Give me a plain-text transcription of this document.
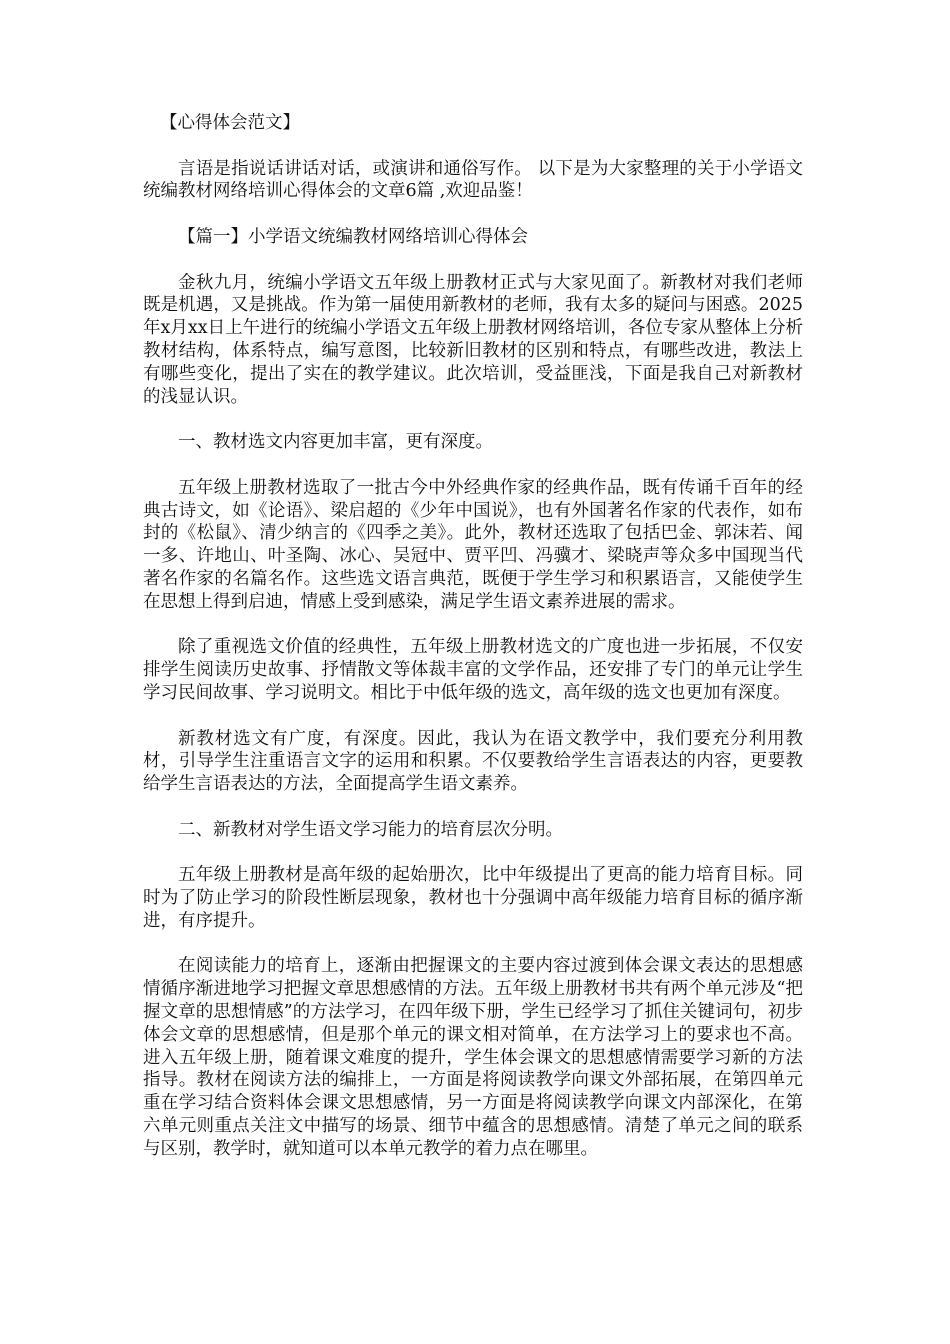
【心得体会范文】

言语是指说话讲话对话，或演讲和通俗写作。 以下是为大家整理的关于小学语文统编教材网络培训心得体会的文章6篇 ,欢迎品鉴！

【篇一】小学语文统编教材网络培训心得体会

金秋九月，统编小学语文五年级上册教材正式与大家见面了。新教材对我们老师既是机遇，又是挑战。作为第一届使用新教材的老师，我有太多的疑问与困惑。2025年x月xx日上午进行的统编小学语文五年级上册教材网络培训，各位专家从整体上分析教材结构，体系特点，编写意图，比较新旧教材的区别和特点，有哪些改进，教法上有哪些变化，提出了实在的教学建议。此次培训，受益匪浅，下面是我自己对新教材的浅显认识。

一、教材选文内容更加丰富，更有深度。

五年级上册教材选取了一批古今中外经典作家的经典作品，既有传诵千百年的经典古诗文，如《论语》、梁启超的《少年中国说》，也有外国著名作家的代表作，如布封的《松鼠》、清少纳言的《四季之美》。此外，教材还选取了包括巴金、郭沫若、闻一多、许地山、叶圣陶、冰心、吴冠中、贾平凹、冯骥才、梁晓声等众多中国现当代著名作家的名篇名作。这些选文语言典范，既便于学生学习和积累语言，又能使学生在思想上得到启迪，情感上受到感染，满足学生语文素养进展的需求。

除了重视选文价值的经典性，五年级上册教材选文的广度也进一步拓展，不仅安排学生阅读历史故事、抒情散文等体裁丰富的文学作品，还安排了专门的单元让学生学习民间故事、学习说明文。相比于中低年级的选文，高年级的选文也更加有深度。

新教材选文有广度，有深度。因此，我认为在语文教学中，我们要充分利用教材，引导学生注重语言文字的运用和积累。不仅要教给学生言语表达的内容，更要教给学生言语表达的方法，全面提高学生语文素养。

二、新教材对学生语文学习能力的培育层次分明。

五年级上册教材是高年级的起始册次，比中年级提出了更高的能力培育目标。同时为了防止学习的阶段性断层现象，教材也十分强调中高年级能力培育目标的循序渐进，有序提升。

在阅读能力的培育上，逐渐由把握课文的主要内容过渡到体会课文表达的思想感情循序渐进地学习把握文章思想感情的方法。五年级上册教材书共有两个单元涉及“把握文章的思想情感”的方法学习，在四年级下册，学生已经学习了抓住关键词句，初步体会文章的思想感情，但是那个单元的课文相对简单，在方法学习上的要求也不高。进入五年级上册，随着课文难度的提升，学生体会课文的思想感情需要学习新的方法指导。教材在阅读方法的编排上，一方面是将阅读教学向课文外部拓展，在第四单元重在学习结合资料体会课文思想感情，另一方面是将阅读教学向课文内部深化，在第六单元则重点关注文中描写的场景、细节中蕴含的思想感情。清楚了单元之间的联系与区别，教学时，就知道可以本单元教学的着力点在哪里。
